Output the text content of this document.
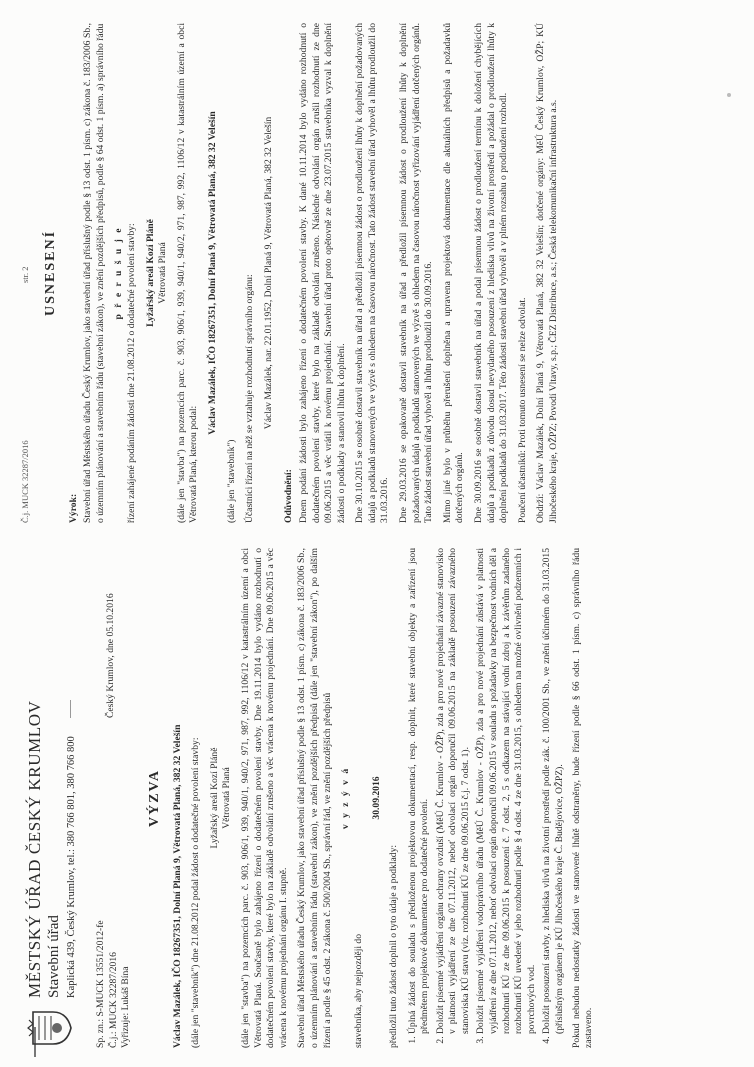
MĚSTSKÝ ÚŘAD ČESKÝ KRUMLOV Stavební úřad Kaplická 439, Český Krumlov, tel.: 380 766 801, 380 766 800 Sp. zn.: S-MUCK 13551/2012-fe Č.j.: MUCK 32287/2016 Vyřizuje: Lukáš Bína
Český Krumlov, dne 05.10.2016
VÝZVA Václav Mazálek, IČO 18267351, Dolní Planá 9, Větrovatá Planá, 382 32 Velešín (dále jen "stavebník") dne 21.08.2012 podal žádost o dodatečné povolení stavby: Lyžařský areál Kozí Pláně Větrovatá Planá (dále jen "stavba") na pozemcích parc. č. 903, 906/1, 939, 940/1, 940/2, 971, 987, 992, 1106/12 v katastrálním území a obci Větrovatá Planá. Současně bylo zahájeno řízení o dodatečném povolení stavby. Dne 19.11.2014 bylo vydáno rozhodnutí o dodatečném povolení stavby, které bylo na základě odvolání zrušeno a věc vrácena k novému projednání. Dne 09.06.2015 a věc vrácena k novému projednání orgánu I. stupně. Stavební úřad Městského úřadu Český Krumlov, jako stavební úřad příslušný podle § 13 odst. 1 písm. c) zákona č. 183/2006 Sb., o územním plánování a stavebním řádu (stavební zákon), ve znění pozdějších předpisů (dále jen "stavební zákon"), po dalším řízení a podle § 45 odst. 2 zákona č. 500/2004 Sb., správní řád, ve znění pozdějších předpisů v y z ý v á

stavebníka, aby nejpozději do

30.09.2016

předložil tuto žádost doplnil o tyto údaje a podklady: 1. Úplná žádost do souladu s předloženou projektovou dokumentací, resp. doplnit, které stavební objekty a zařízení jsou předmětem projektové dokumentace pro dodatečné povolení. 2. Doložit písemné vyjádření orgánu ochrany ovzduší (MěÚ Č. Krumlov - OŽP), zda a pro nové projednání závazné stanovisko v platnosti vyjádření ze dne 07.11.2012, neboť odvolací orgán doporučil 09.06.2015 na základě posouzení závazného stanoviska KÚ stavu (viz. rozhodnutí KÚ ze dne 09.06.2015 č.j. 7 odst. 1). 3. Doložit písemné vyjádření vodoprávního úřadu (MěÚ Č. Krumlov - OŽP), zda a pro nové projednání zůstává v platnosti vyjádření ze dne 07.11.2012, neboť odvolací orgán doporučil 09.06.2015 v souladu s požadavky na bezpečnost vodních děl a rozhodnutí KÚ ze dne 09.06.2015 k posouzení č. 7 odst. 2, 5 s odkazem na stávající vodní zdroj a k závěrům zadaného rozhodnutí KÚ uvedené v jeho rozhodnutí podle § 4 odst. 4 ze dne 31.03.2015, s ohledem na možné ovlivnění podzemních i povrchových vod. 4. Doložit posouzení stavby, z hlediska vlivů na životní prostředí podle zák. č. 100/2001 Sb., ve znění účinném do 31.03.2015 (příslušným orgánem je KÚ Jihočeského kraje Č. Budějovice, OŽPZ). Pokud nebudou nedostatky žádosti ve stanovené lhůtě odstraněny, bude řízení podle § 66 odst. 1 písm. c) správního řádu zastaveno.

Č.j. MUCK 32287/2016
str. 2 USNESENÍ

Výrok: Stavební úřad Městského úřadu Český Krumlov, jako stavební úřad příslušný podle § 13 odst. 1 písm. c) zákona č. 183/2006 Sb., o územním plánování a stavebním řádu (stavební zákon), ve znění pozdějších předpisů, podle § 64 odst. 1 písm. a) správního řádu p ř e r u š u j e řízení zahájené podáním žádosti dne 21.08.2012 o dodatečné povolení stavby: Lyžařský areál Kozí Pláně Větrovatá Planá (dále jen "stavba") na pozemcích parc. č. 903, 906/1, 939, 940/1, 940/2, 971, 987, 992, 1106/12 v katastrálním území a obci Větrovatá Planá, kterou podal:

Václav Mazálek, IČO 18267351, Dolní Planá 9, Větrovatá Planá, 382 32 Velešín

(dále jen "stavebník") Účastníci řízení na něž se vztahuje rozhodnutí správního orgánu: Václav Mazálek, nar. 22.01.1952, Dolní Planá 9, Větrovatá Planá, 382 32 Velešín

Odůvodnění: Dnem podání žádosti bylo zahájeno řízení o dodatečném povolení stavby. K dané 10.11.2014 bylo vydáno rozhodnutí o dodatečném povolení stavby, které bylo na základě odvolání zrušeno. Následné odvolání orgán zrušil rozhodnutí ze dne 09.06.2015 a věc vrátil k novému projednání. Stavební úřad proto opětovně ze dne 23.07.2015 stavebníka vyzval k doplnění žádosti o podklady a stanovil lhůtu k doplnění. Dne 30.10.2015 se osobně dostavil stavebník na úřad a předložil písemnou žádost o prodloužení lhůty k doplnění požadovaných údajů a podkladů stanovených ve výzvě s ohledem na časovou náročnost. Tato žádost stavební úřad vyhověl a lhůtu prodloužil do 31.03.2016. Dne 29.03.2016 se opakovaně dostavil stavebník na úřad a předložil písemnou žádost o prodloužení lhůty k doplnění požadovaných údajů a podkladů stanovených ve výzvě s ohledem na časovou náročnost vyřizování vyjádření dotčených orgánů. Tato žádost stavební úřad vyhověl a lhůtu prodloužil do 30.09.2016. Mimo jiné bylo v průběhu přerušení doplněna a upravena projektová dokumentace dle aktuálních předpisů a požadavků dotčených orgánů. Dne 30.09.2016 se osobně dostavil stavebník na úřad a podal písemnou žádost o prodloužení termínu k doložení chybějících údajů a podkladů z důvodu dosud nevydaného posouzení z hlediska vlivů na životní prostředí a požádal o prodloužení lhůty k doplnění podkladů do 31.03.2017. Této žádosti stavební úřad vyhověl a v plném rozsahu o prodloužení rozhodl. Poučení účastníků: Proti tomuto usnesení se nelze odvolat. Obdrží: Václav Mazálek, Dolní Planá 9, Větrovatá Planá, 382 32 Velešín; dotčené orgány: MěÚ Český Krumlov, OŽP; KÚ Jihočeského kraje, OŽPZ; Povodí Vltavy, s.p.; ČEZ Distribuce, a.s.; Česká telekomunikační infrastruktura a.s.
